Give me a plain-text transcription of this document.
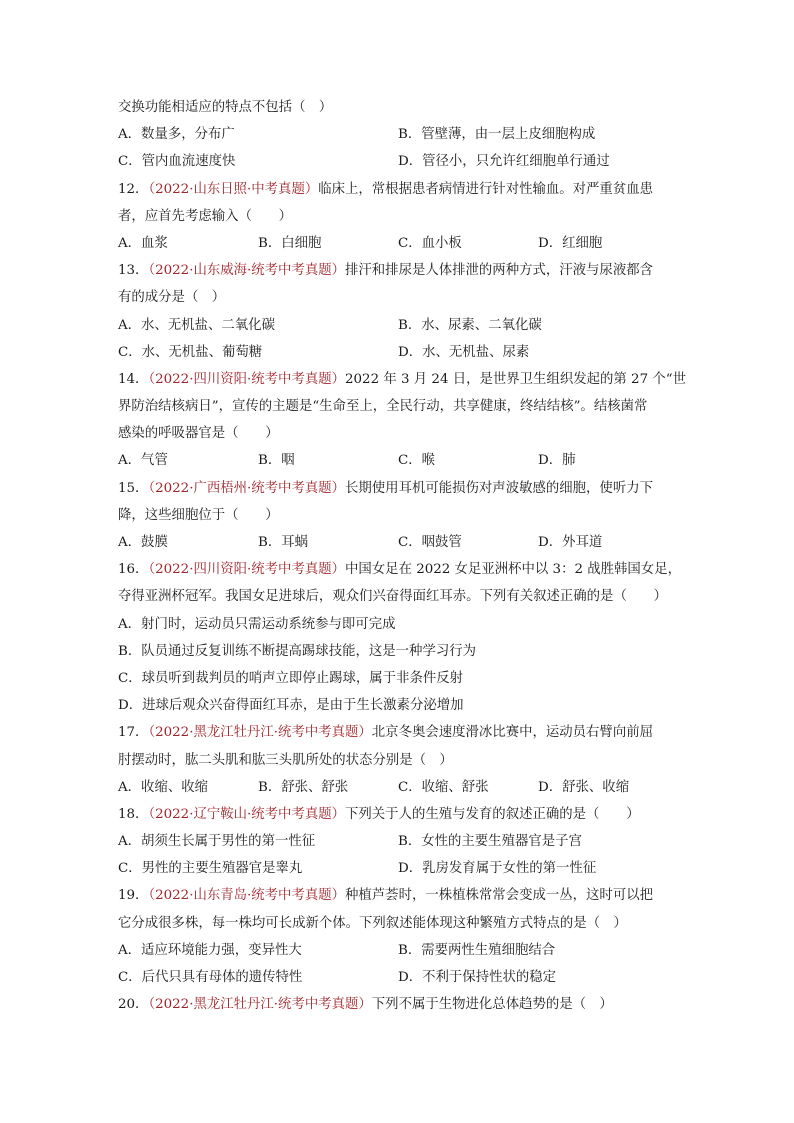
交换功能相适应的特点不包括（　）
A．数量多，分布广	B．管壁薄，由一层上皮细胞构成
C．管内血流速度快	D．管径小，只允许红细胞单行通过
12．（2022·山东日照·中考真题）临床上，常根据患者病情进行针对性输血。对严重贫血患
者，应首先考虑输入（　　）
A．血浆	B．白细胞	C．血小板	D．红细胞
13．（2022·山东威海·统考中考真题）排汗和排尿是人体排泄的两种方式，汗液与尿液都含
有的成分是（　）
A．水、无机盐、二氧化碳	B．水、尿素、二氧化碳
C．水、无机盐、葡萄糖	D．水、无机盐、尿素
14．（2022·四川资阳·统考中考真题）2022 年 3 月 24 日，是世界卫生组织发起的第 27 个“世
界防治结核病日”，宣传的主题是“生命至上，全民行动，共享健康，终结结核”。结核菌常
感染的呼吸器官是（　　）
A．气管	B．咽	C．喉	D．肺
15．（2022·广西梧州·统考中考真题）长期使用耳机可能损伤对声波敏感的细胞，使听力下
降，这些细胞位于（　　）
A．鼓膜	B．耳蜗	C．咽鼓管	D．外耳道
16．（2022·四川资阳·统考中考真题）中国女足在 2022 女足亚洲杯中以 3：2 战胜韩国女足，
夺得亚洲杯冠军。我国女足进球后，观众们兴奋得面红耳赤。下列有关叙述正确的是（　　）
A．射门时，运动员只需运动系统参与即可完成
B．队员通过反复训练不断提高踢球技能，这是一种学习行为
C．球员听到裁判员的哨声立即停止踢球，属于非条件反射
D．进球后观众兴奋得面红耳赤，是由于生长激素分泌增加
17．（2022·黑龙江牡丹江·统考中考真题）北京冬奥会速度滑冰比赛中，运动员右臂向前屈
肘摆动时，肱二头肌和肱三头肌所处的状态分别是（　）
A．收缩、收缩	B．舒张、舒张	C．收缩、舒张	D．舒张、收缩
18．（2022·辽宁鞍山·统考中考真题）下列关于人的生殖与发育的叙述正确的是（　　）
A．胡须生长属于男性的第一性征	B．女性的主要生殖器官是子宫
C．男性的主要生殖器官是睾丸	D．乳房发育属于女性的第一性征
19．（2022·山东青岛·统考中考真题）种植芦荟时，一株植株常常会变成一丛，这时可以把
它分成很多株，每一株均可长成新个体。下列叙述能体现这种繁殖方式特点的是（　）
A．适应环境能力强，变异性大	B．需要两性生殖细胞结合
C．后代只具有母体的遗传特性	D．不利于保持性状的稳定
20．（2022·黑龙江牡丹江·统考中考真题）下列不属于生物进化总体趋势的是（　）
